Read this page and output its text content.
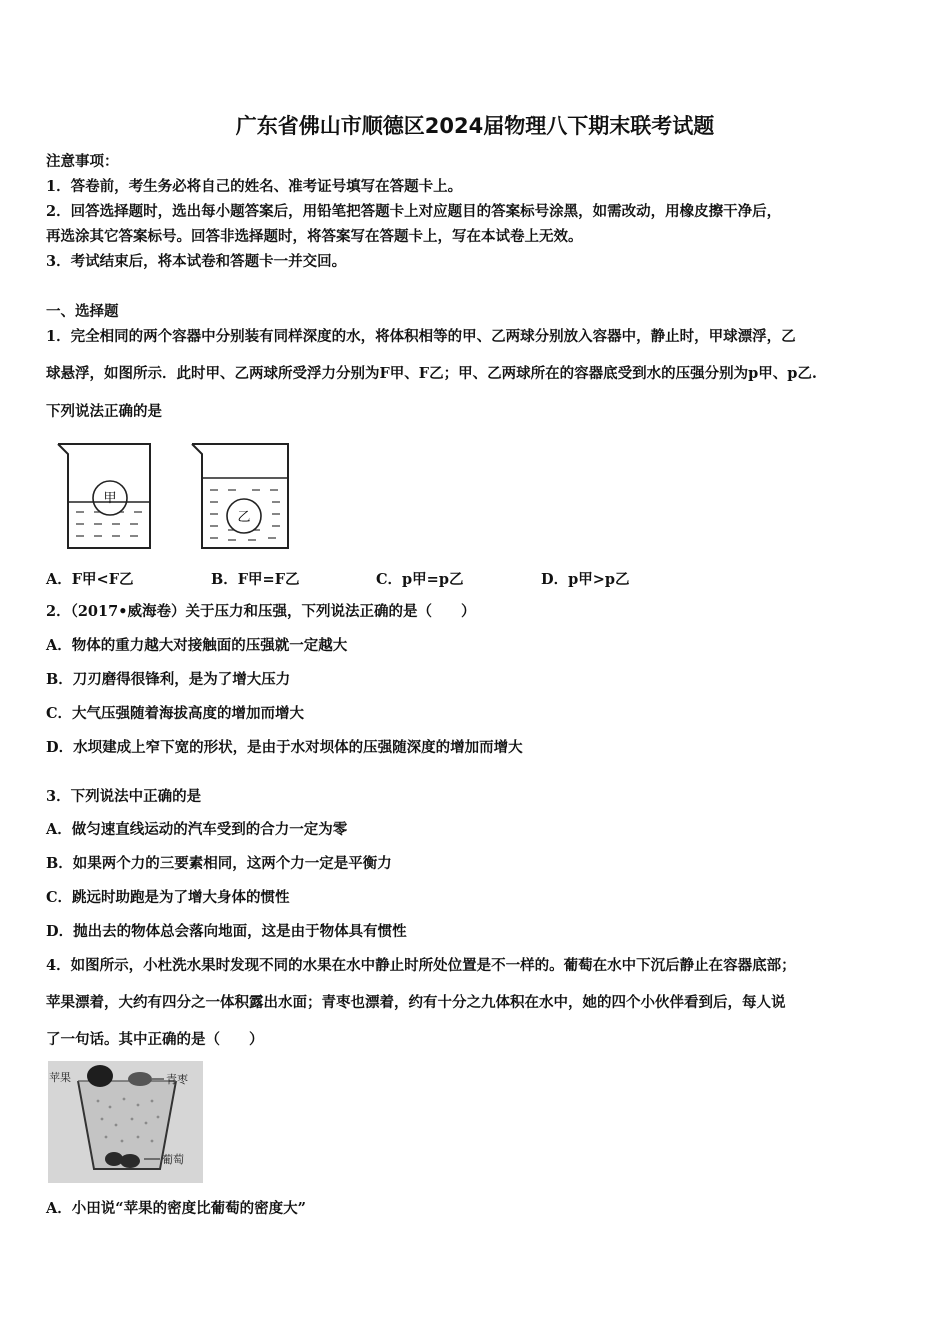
广东省佛山市顺德区2024届物理八下期末联考试题
注意事项：
1．答卷前，考生务必将自己的姓名、准考证号填写在答题卡上。
2．回答选择题时，选出每小题答案后，用铅笔把答题卡上对应题目的答案标号涂黑，如需改动，用橡皮擦干净后，
再选涂其它答案标号。回答非选择题时，将答案写在答题卡上，写在本试卷上无效。
3．考试结束后，将本试卷和答题卡一并交回。
一、选择题
1．完全相同的两个容器中分别装有同样深度的水，将体积相等的甲、乙两球分别放入容器中，静止时，甲球漂浮，乙
球悬浮，如图所示．此时甲、乙两球所受浮力分别为F甲、F乙；甲、乙两球所在的容器底受到水的压强分别为p甲、p乙.
下列说法正确的是
甲
乙
A．F甲<F乙	B．F甲=F乙	C．p甲=p乙	D．p甲>p乙
2．（2017•威海卷）关于压力和压强，下列说法正确的是（　　）
A．物体的重力越大对接触面的压强就一定越大
B．刀刃磨得很锋利，是为了增大压力
C．大气压强随着海拔高度的增加而增大
D．水坝建成上窄下宽的形状，是由于水对坝体的压强随深度的增加而增大
3．下列说法中正确的是
A．做匀速直线运动的汽车受到的合力一定为零
B．如果两个力的三要素相同，这两个力一定是平衡力
C．跳远时助跑是为了增大身体的惯性
D．抛出去的物体总会落向地面，这是由于物体具有惯性
4．如图所示，小杜洗水果时发现不同的水果在水中静止时所处位置是不一样的。葡萄在水中下沉后静止在容器底部；
苹果漂着，大约有四分之一体积露出水面；青枣也漂着，约有十分之九体积在水中，她的四个小伙伴看到后，每人说
了一句话。其中正确的是（　　）
苹果	青枣
葡萄
A．小田说“苹果的密度比葡萄的密度大”
